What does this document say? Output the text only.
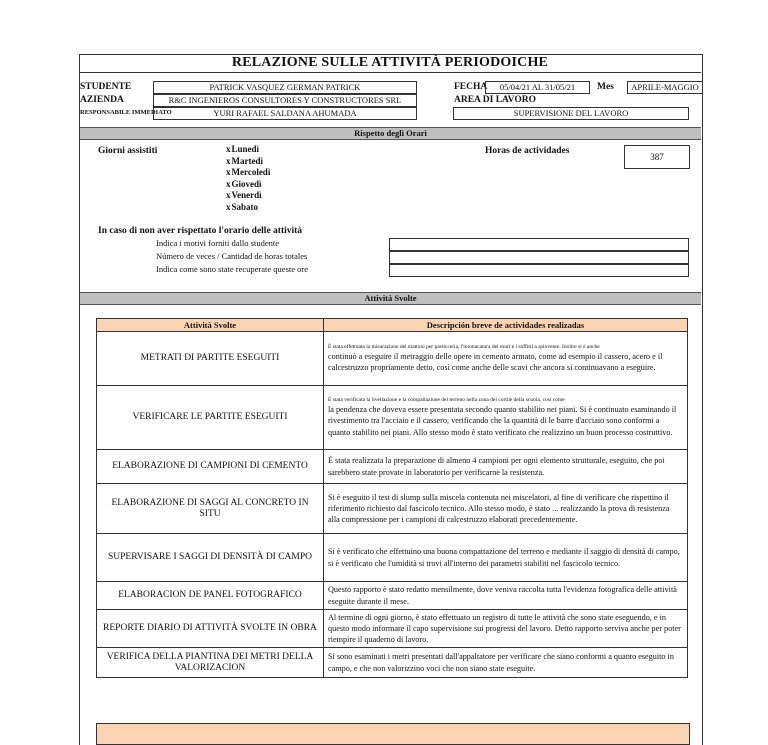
RELAZIONE SULLE ATTIVITÀ PERIODOICHE
STUDENTE	PATRICK VASQUEZ GERMAN PATRICK
AZIENDA	R&C INGENIEROS CONSULTORES Y CONSTRUCTORES SRL
RESPONSABILE IMMEDIATO	YURI RAFAEL SALDANA AHUMADA
FECHA	05/04/21 AL 31/05/21	Mes	APRILE-MAGGIO
AREA DI LAVORO
SUPERVISIONE DEL LAVORO
Rispetto degli Orari
Giorni assistiti	xLunedì
xMartedì
xMercoledì
xGiovedì
xVenerdì
xSabato
Horas de actividades
387
In caso di non aver rispettato l'orario delle attività
Indica i motivi forniti dallo studente
Número de veces / Cantidad de horas totales
Indica come sono state recuperate queste ore
Attività Svolte
Attività Svolte	Descripción breve de actividades realizadas
METRATI DI PARTITE ESEGUITI	È stata effettuata la misurazione dei mattoni per pasticceria, l'intonacatura dei muri e i soffitti a spiovente. Inoltre si è anche
continuò a eseguire il metraggio delle opere in cemento armato, come ad esempio il cassero, acero e il calcestruzzo propriamente detto, così come anche delle scavi che ancora si continuavano a eseguire.
VERIFICARE LE PARTITE ESEGUITI	È stata verificata la livellazione e la compattazione del terreno nella zona del cortile della scuola, così come
la pendenza che doveva essere presentata secondo quanto stabilito nei piani. Si è continuato esaminando il rivestimento tra l'acciaio e il cassero, verificando che la quantità di le barre d'acciaio sono conformi a quanto stabilito nei piani. Allo stesso modo è stato verificato che realizzino un buon processo costruttivo.
ELABORAZIONE DI CAMPIONI DI CEMENTO	È stata realizzata la preparazione di almeno 4 campioni per ogni elemento strutturale, eseguito, che poi sarebbero state provate in laboratorio per verificarne la resistenza.
ELABORAZIONE DI SAGGI AL CONCRETO IN SITU	Si è eseguito il test di slump sulla miscela contenuta nei miscelatori, al fine di verificare che rispettino il riferimento richiesto dal fascicolo tecnico. Allo stesso modo, è stato ... realizzando la prova di resistenza alla compressione per i campioni di calcestruzzo elaborati precedentemente.
SUPERVISARE I SAGGI DI DENSITÀ DI CAMPO	Si è verificato che effettuino una buona compattazione del terreno e mediante il saggio di densità di campo, si è verificato che l'umidità si trovi all'interno dei parametri stabiliti nel fascicolo tecnico.
ELABORACION DE PANEL FOTOGRAFICO	Questo rapporto è stato redatto mensilmente, dove veniva raccolta tutta l'evidenza fotografica delle attività eseguite durante il mese.
REPORTE DIARIO DI ATTIVITÀ SVOLTE IN OBRA	Al termine di ogni giorno, è stato effettuato un registro di tutte le attività che sono state eseguendo, e in questo modo informare il capo supervisione sui progressi del lavoro. Detto rapporto serviva anche per poter riempire il quaderno di lavoro.
VERIFICA DELLA PIANTINA DEI METRI DELLA VALORIZACION	Si sono esaminati i metri presentati dall'appaltatore per verificare che siano conformi a quanto eseguito in campo, e che non valorizzino voci che non siano state eseguite.
